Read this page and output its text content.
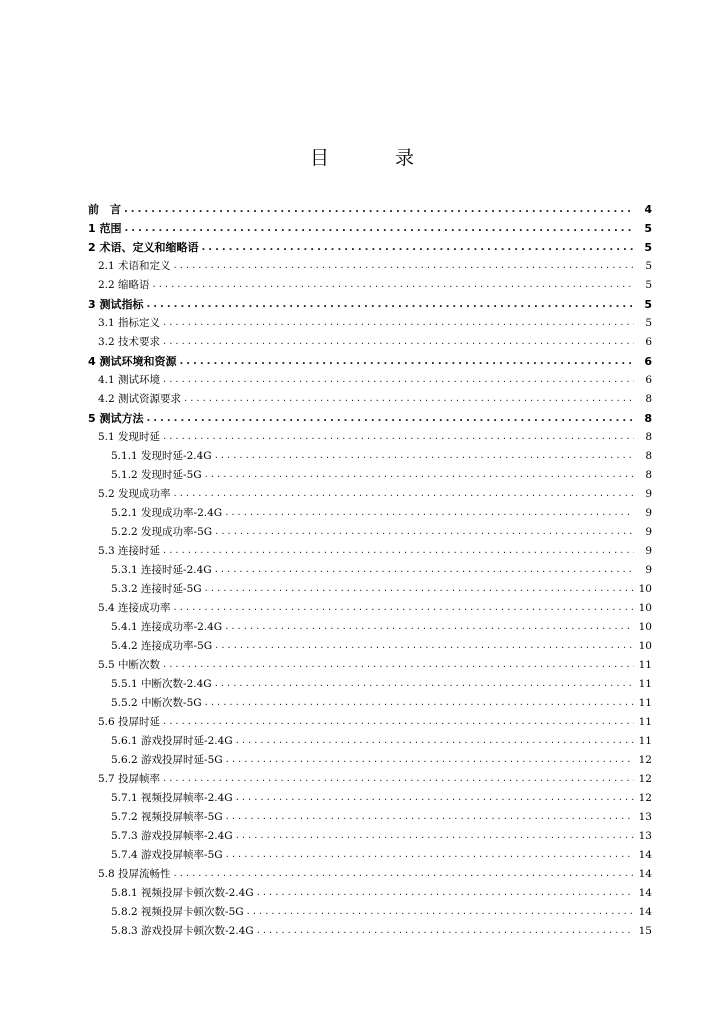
目 录
前　言 .....	4
1 范围 .....	5
2 术语、定义和缩略语 .....	5
2.1 术语和定义 .....	5
2.2 缩略语 .....	5
3 测试指标 .....	5
3.1 指标定义 .....	5
3.2 技术要求 .....	6
4 测试环境和资源 .....	6
4.1 测试环境 .....	6
4.2 测试资源要求 .....	8
5 测试方法 .....	8
5.1 发现时延 .....	8
5.1.1 发现时延-2.4G .....	8
5.1.2 发现时延-5G .....	8
5.2 发现成功率 .....	9
5.2.1 发现成功率-2.4G .....	9
5.2.2 发现成功率-5G .....	9
5.3 连接时延 .....	9
5.3.1 连接时延-2.4G .....	9
5.3.2 连接时延-5G .....	10
5.4 连接成功率 .....	10
5.4.1 连接成功率-2.4G .....	10
5.4.2 连接成功率-5G .....	10
5.5 中断次数 .....	11
5.5.1 中断次数-2.4G .....	11
5.5.2 中断次数-5G .....	11
5.6 投屏时延 .....	11
5.6.1 游戏投屏时延-2.4G .....	11
5.6.2 游戏投屏时延-5G .....	12
5.7 投屏帧率 .....	12
5.7.1 视频投屏帧率-2.4G .....	12
5.7.2 视频投屏帧率-5G .....	13
5.7.3 游戏投屏帧率-2.4G .....	13
5.7.4 游戏投屏帧率-5G .....	14
5.8 投屏流畅性 .....	14
5.8.1 视频投屏卡顿次数-2.4G .....	14
5.8.2 视频投屏卡顿次数-5G .....	14
5.8.3 游戏投屏卡顿次数-2.4G .....	15
